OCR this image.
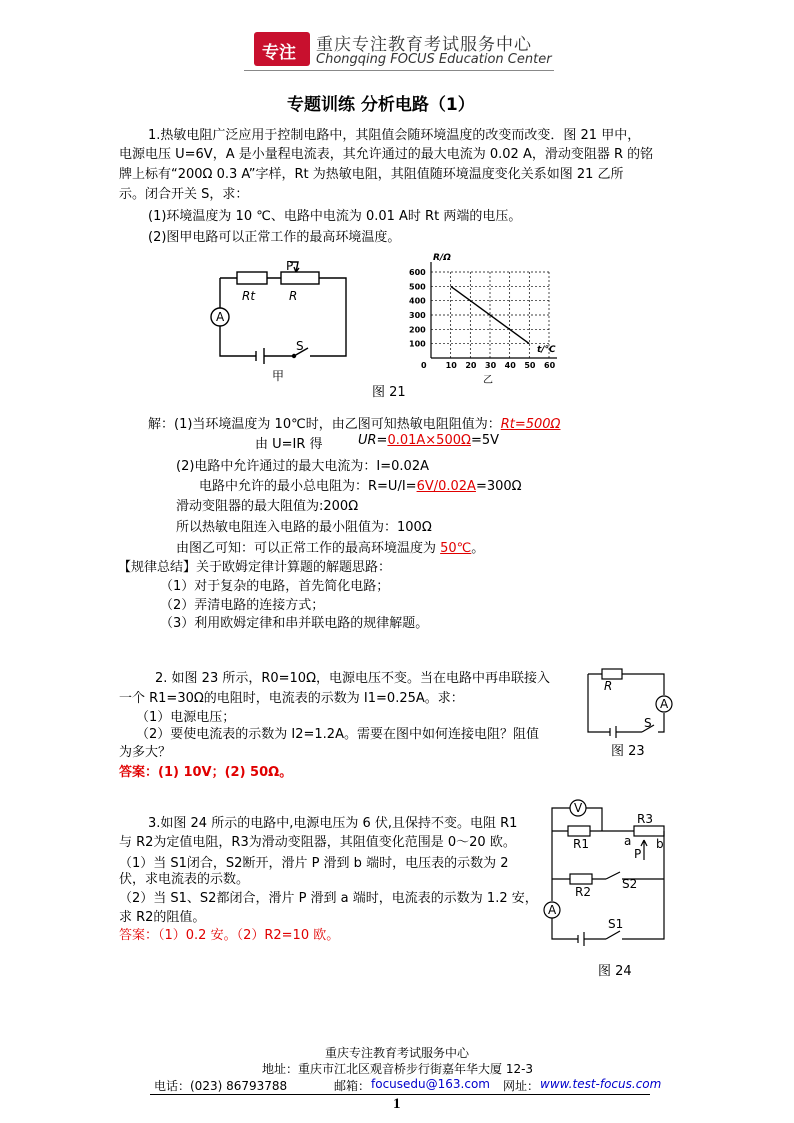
专注 重庆专注教育考试服务中心
Chongqing FOCUS Education Center
专题训练 分析电路（1）
1.热敏电阻广泛应用于控制电路中，其阻值会随环境温度的改变而改变．图 21 甲中，
电源电压 U=6V，A 是小量程电流表，其允许通过的最大电流为 0.02 A，滑动变阻器 R 的铭
牌上标有“200Ω 0.3 A”字样，Rt 为热敏电阻，其阻值随环境温度变化关系如图 21 乙所
示。闭合开关 S，求：
(1)环境温度为 10 ℃、电路中电流为 0.01 A时 Rt 两端的电压。
(2)图甲电路可以正常工作的最高环境温度。
Rt	R
P
A
S
甲
R/Ω
t/℃
0
乙
10 20 30 40 50 60
100
200
300
400
500
600
图 21
解：(1)当环境温度为 10℃时，由乙图可知热敏电阻阻值为：Rt=500Ω
由 U=IR 得	UR=0.01A×500Ω=5V
(2)电路中允许通过的最大电流为：I=0.02A
电路中允许的最小总电阻为：R=U/I=6V/0.02A=300Ω
滑动变阻器的最大阻值为:200Ω
所以热敏电阻连入电路的最小阻值为：100Ω
由图乙可知：可以正常工作的最高环境温度为 50℃。
【规律总结】关于欧姆定律计算题的解题思路：
（1）对于复杂的电路，首先简化电路；
（2）弄清电路的连接方式；
（3）利用欧姆定律和串并联电路的规律解题。
2. 如图 23 所示，R0=10Ω，电源电压不变。当在电路中再串联接入
一个 R1=30Ω的电阻时，电流表的示数为 I1=0.25A。求：
（1）电源电压；
（2）要使电流表的示数为 I2=1.2A。需要在图中如何连接电阻？阻值
为多大？
答案：(1) 10V；(2) 50Ω。
R
A
S
图 23
3.如图 24 所示的电路中,电源电压为 6 伏,且保持不变。电阻 R1
与 R2为定值电阻，R3为滑动变阻器，其阻值变化范围是 0～20 欧。
（1）当 S1闭合，S2断开，滑片 P 滑到 b 端时，电压表的示数为 2
伏，求电流表的示数。
（2）当 S1、S2都闭合，滑片 P 滑到 a 端时，电流表的示数为 1.2 安，
求 R2的阻值。
答案：（1）0.2 安。（2）R2=10 欧。
V
R1
R3
a b
P
R2
S2
A
S1
图 24
重庆专注教育考试服务中心
地址：重庆市江北区观音桥步行街嘉年华大厦 12-3
电话：(023) 86793788	邮箱： focusedu@163.com 网址： www.test-focus.com
1
